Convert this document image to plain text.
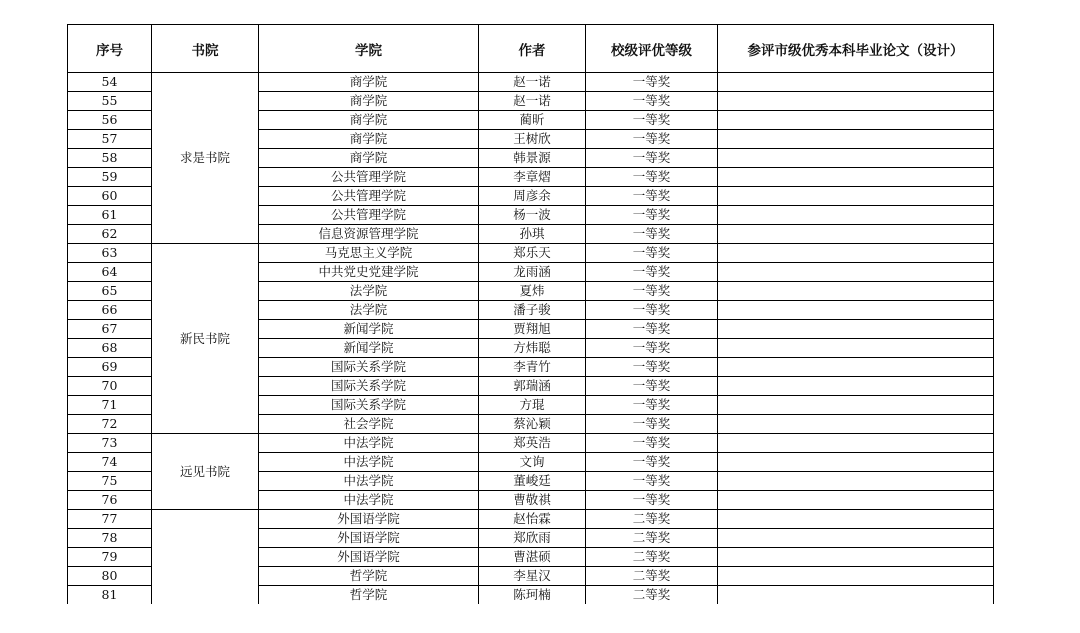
序号	书院	学院	作者	校级评优等级	参评市级优秀本科毕业论文（设计）
54	求是书院	商学院	赵一诺	一等奖	
55		商学院	赵一诺	一等奖	
56		商学院	蔺昕	一等奖	
57		商学院	王树欣	一等奖	
58		商学院	韩景源	一等奖	
59		公共管理学院	李章熠	一等奖	
60		公共管理学院	周彦余	一等奖	
61		公共管理学院	杨一波	一等奖	
62		信息资源管理学院	孙琪	一等奖	
63	新民书院	马克思主义学院	郑乐天	一等奖	
64		中共党史党建学院	龙雨涵	一等奖	
65		法学院	夏炜	一等奖	
66		法学院	潘子骏	一等奖	
67		新闻学院	贾翔旭	一等奖	
68		新闻学院	方炜聪	一等奖	
69		国际关系学院	李青竹	一等奖	
70		国际关系学院	郭瑞涵	一等奖	
71		国际关系学院	方琨	一等奖	
72		社会学院	蔡沁颖	一等奖	
73	远见书院	中法学院	郑英浩	一等奖	
74		中法学院	文询	一等奖	
75		中法学院	董峻廷	一等奖	
76		中法学院	曹敬祺	一等奖	
77		外国语学院	赵怡霖	二等奖	
78		外国语学院	郑欣雨	二等奖	
79		外国语学院	曹湛硕	二等奖	
80		哲学院	李星汉	二等奖	
81		哲学院	陈珂楠	二等奖	
